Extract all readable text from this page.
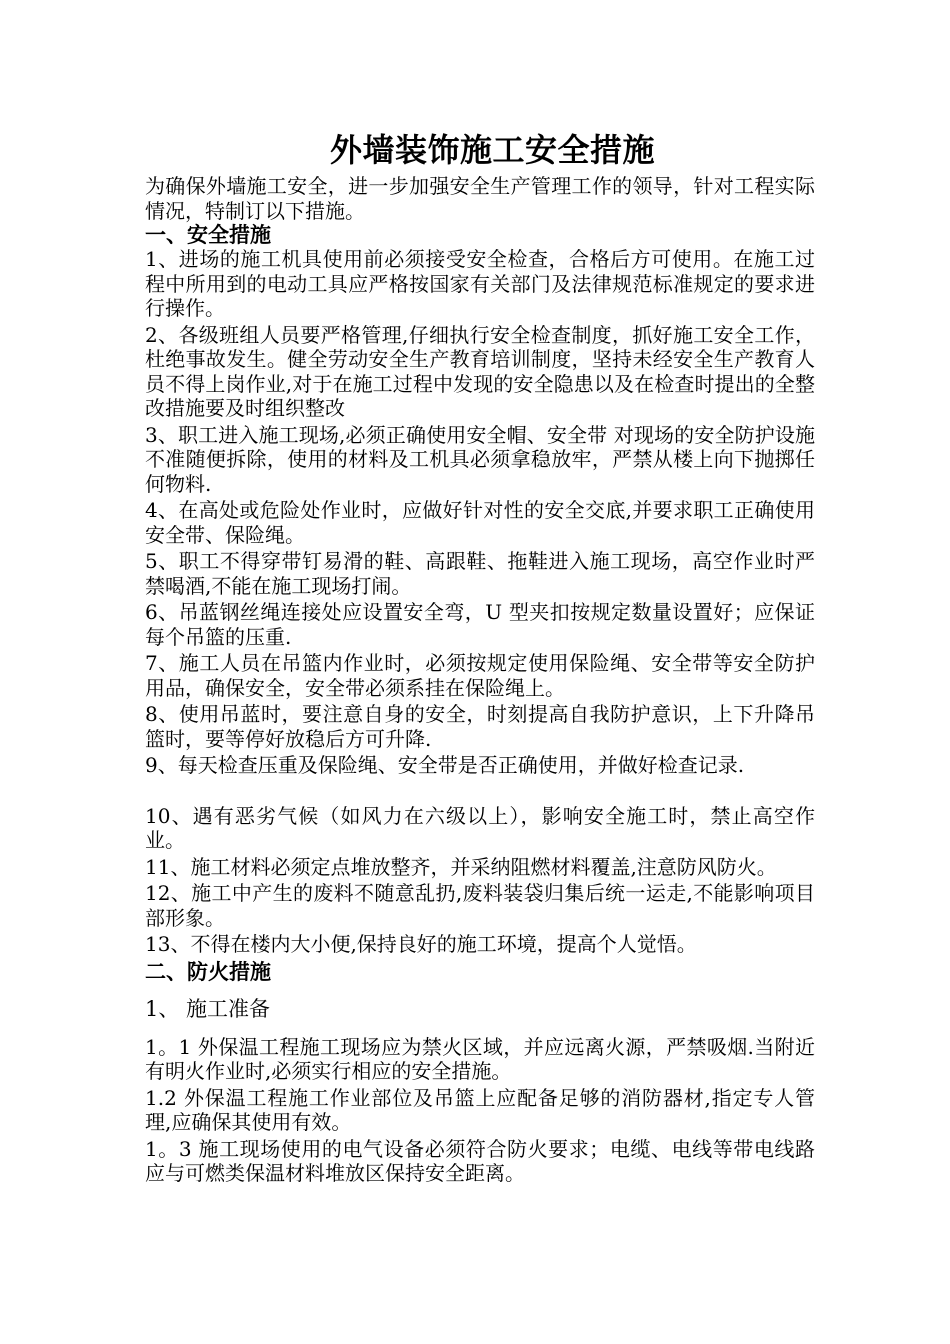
外墙装饰施工安全措施

为确保外墙施工安全，进一步加强安全生产管理工作的领导，针对工程实际情况，特制订以下措施。

一、安全措施

1、进场的施工机具使用前必须接受安全检查，合格后方可使用。在施工过程中所用到的电动工具应严格按国家有关部门及法律规范标准规定的要求进行操作。

2、各级班组人员要严格管理,仔细执行安全检查制度，抓好施工安全工作，杜绝事故发生。健全劳动安全生产教育培训制度，坚持未经安全生产教育人员不得上岗作业,对于在施工过程中发现的安全隐患以及在检查时提出的全整改措施要及时组织整改

3、职工进入施工现场,必须正确使用安全帽、安全带 对现场的安全防护设施不准随便拆除，使用的材料及工机具必须拿稳放牢，严禁从楼上向下抛掷任何物料.

4、在高处或危险处作业时，应做好针对性的安全交底,并要求职工正确使用安全带、保险绳。

5、职工不得穿带钉易滑的鞋、高跟鞋、拖鞋进入施工现场，高空作业时严禁喝酒,不能在施工现场打闹。

6、吊蓝钢丝绳连接处应设置安全弯，U 型夹扣按规定数量设置好；应保证每个吊篮的压重.

7、施工人员在吊篮内作业时，必须按规定使用保险绳、安全带等安全防护用品，确保安全，安全带必须系挂在保险绳上。

8、使用吊蓝时，要注意自身的安全，时刻提高自我防护意识，上下升降吊篮时，要等停好放稳后方可升降.

9、每天检查压重及保险绳、安全带是否正确使用，并做好检查记录.

10、遇有恶劣气候（如风力在六级以上），影响安全施工时，禁止高空作业。

11、施工材料必须定点堆放整齐，并采纳阻燃材料覆盖,注意防风防火。

12、施工中产生的废料不随意乱扔,废料装袋归集后统一运走,不能影响项目部形象。

13、不得在楼内大小便,保持良好的施工环境，提高个人觉悟。

二、防火措施

1、 施工准备

1。1 外保温工程施工现场应为禁火区域，并应远离火源，严禁吸烟.当附近有明火作业时,必须实行相应的安全措施。

1.2 外保温工程施工作业部位及吊篮上应配备足够的消防器材,指定专人管理,应确保其使用有效。

1。3 施工现场使用的电气设备必须符合防火要求；电缆、电线等带电线路应与可燃类保温材料堆放区保持安全距离。
